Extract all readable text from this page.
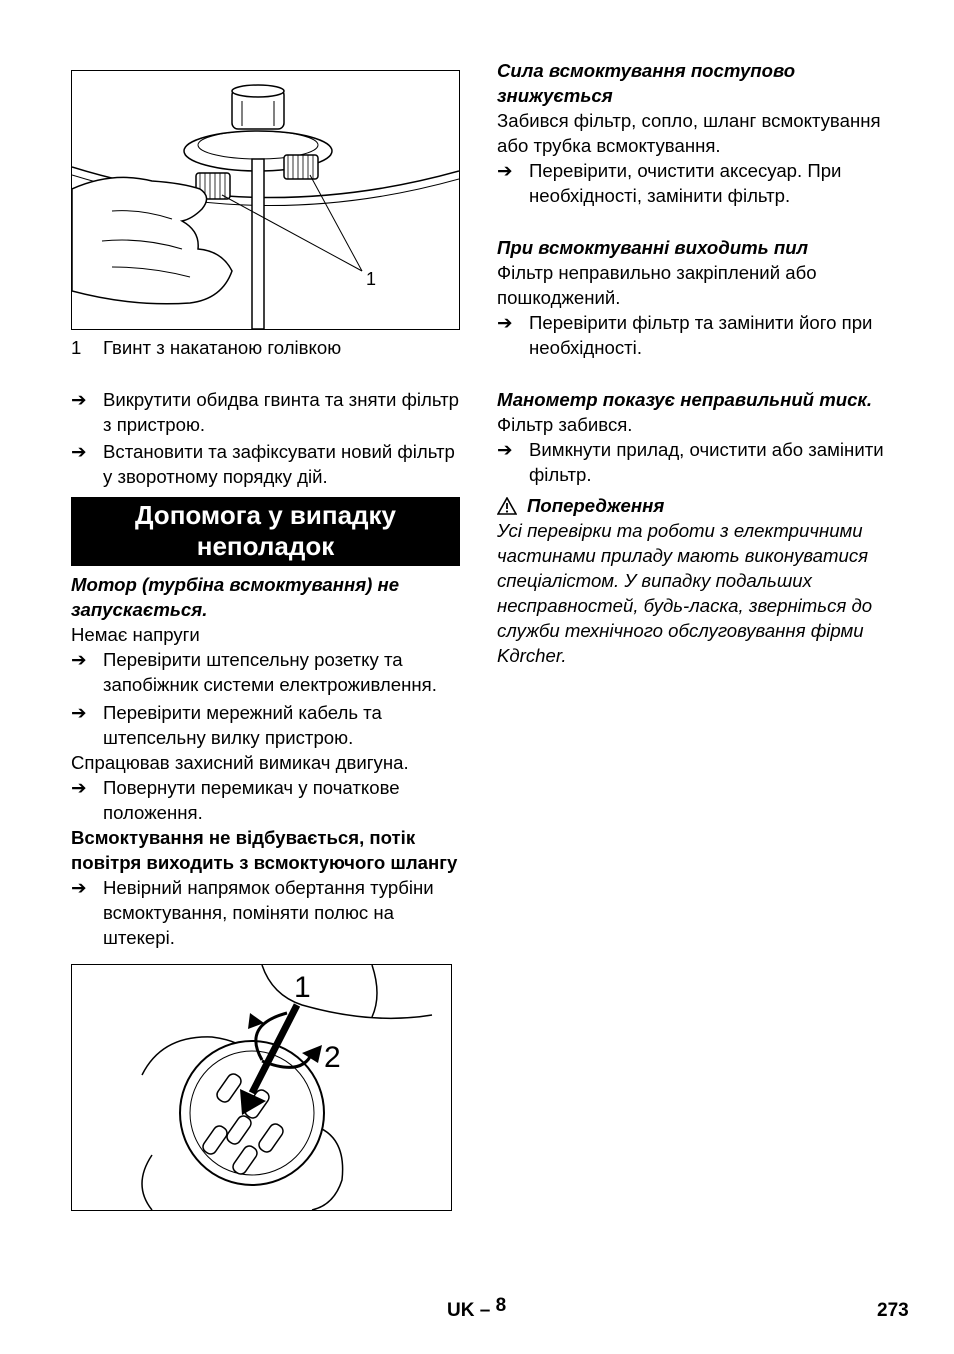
1
1	Гвинт з накатаною голівкою
➔ Викрутити обидва гвинта та зняти фільтр з пристрою.
➔ Встановити та зафіксувати новий фільтр у зворотному порядку дій.
Допомога у випадку
неполадок
Мотор (турбіна всмоктування) не запускається.
Немає напруги
➔ Перевірити штепсельну розетку та запобіжник системи електроживлення.
➔ Перевірити мережний кабель та штепсельну вилку пристрою.
Спрацював захисний вимикач двигуна.
➔ Повернути перемикач у початкове положення.
Всмоктування не відбувається, потік повітря виходить з всмоктуючого шлангу
➔ Невірний напрямок обертання турбіни всмоктування, поміняти полюс на штекері.
1
2
Сила всмоктування поступово знижується
Забився фільтр, сопло, шланг всмоктування або трубка всмоктування.
➔ Перевірити, очистити аксесуар. При необхідності, замінити фільтр.
При всмоктуванні виходить пил
Фільтр неправильно закріплений або пошкоджений.
➔ Перевірити фільтр та замінити його при необхідності.
Манометр показує неправильний тиск.
Фільтр забився.
➔ Вимкнути прилад, очистити або замінити фільтр.
Попередження
Усі перевірки та роботи з електричними частинами приладу мають виконуватися спеціалістом. У випадку подальших несправностей, будь-ласка, зверніться до служби технічного обслуговування фірми Kдrcher.
UK – 8	273
